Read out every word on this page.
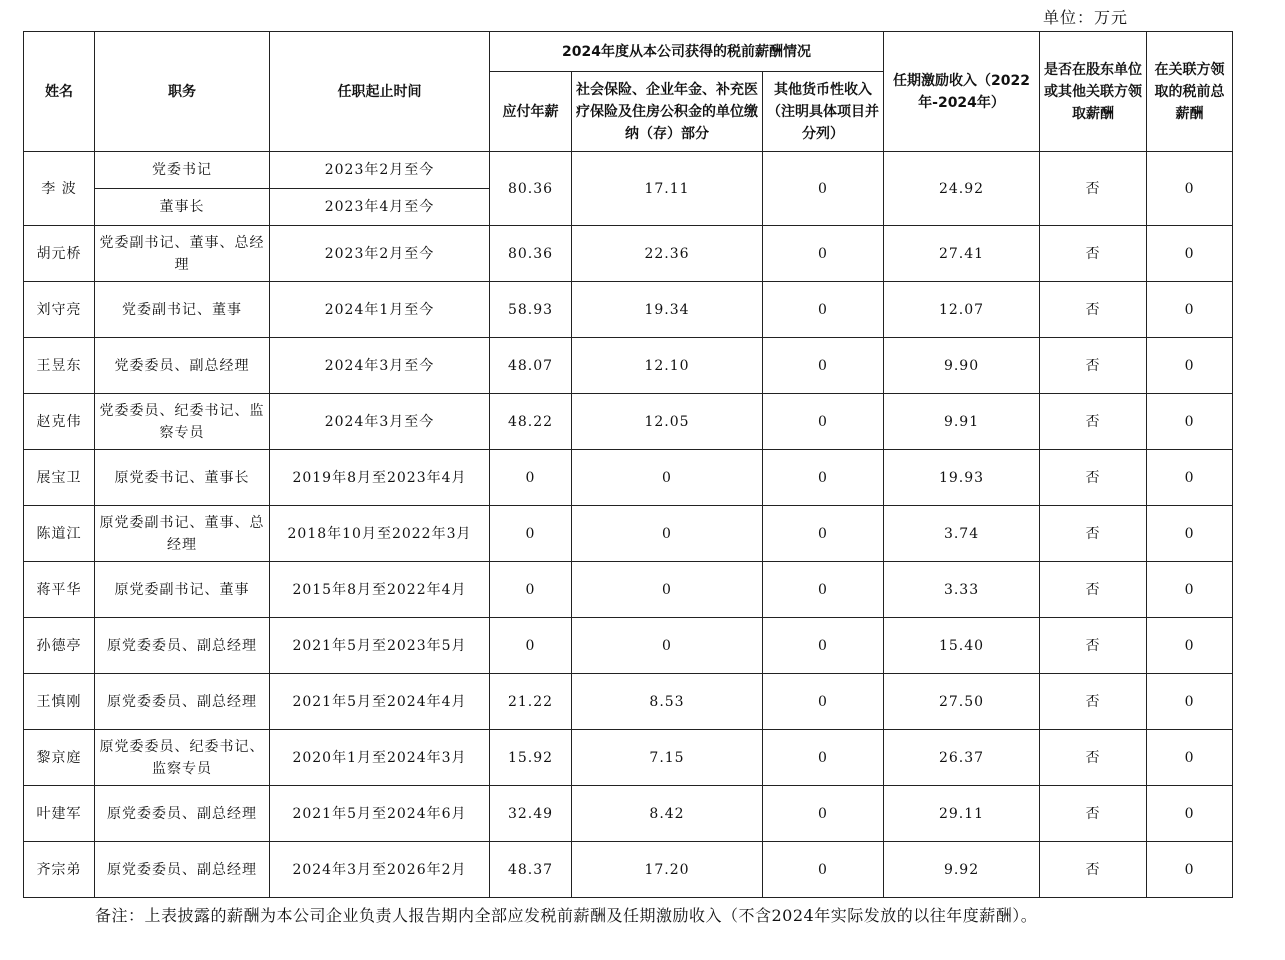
单位：万元
姓名	职务	任职起止时间	2024年度从本公司获得的税前薪酬情况			任期激励收入（2022年-2024年）	是否在股东单位或其他关联方领取薪酬	在关联方领取的税前总薪酬
			应付年薪	社会保险、企业年金、补充医疗保险及住房公积金的单位缴纳（存）部分	其他货币性收入（注明具体项目并分列）			
李 波	党委书记	2023年2月至今	80.36	17.11	0	24.92	否	0
	董事长	2023年4月至今						
胡元桥	党委副书记、董事、总经理	2023年2月至今	80.36	22.36	0	27.41	否	0
刘守亮	党委副书记、董事	2024年1月至今	58.93	19.34	0	12.07	否	0
王昱东	党委委员、副总经理	2024年3月至今	48.07	12.10	0	9.90	否	0
赵克伟	党委委员、纪委书记、监察专员	2024年3月至今	48.22	12.05	0	9.91	否	0
展宝卫	原党委书记、董事长	2019年8月至2023年4月	0	0	0	19.93	否	0
陈道江	原党委副书记、董事、总经理	2018年10月至2022年3月	0	0	0	3.74	否	0
蒋平华	原党委副书记、董事	2015年8月至2022年4月	0	0	0	3.33	否	0
孙德亭	原党委委员、副总经理	2021年5月至2023年5月	0	0	0	15.40	否	0
王慎刚	原党委委员、副总经理	2021年5月至2024年4月	21.22	8.53	0	27.50	否	0
黎京庭	原党委委员、纪委书记、监察专员	2020年1月至2024年3月	15.92	7.15	0	26.37	否	0
叶建军	原党委委员、副总经理	2021年5月至2024年6月	32.49	8.42	0	29.11	否	0
齐宗弟	原党委委员、副总经理	2024年3月至2026年2月	48.37	17.20	0	9.92	否	0
备注：上表披露的薪酬为本公司企业负责人报告期内全部应发税前薪酬及任期激励收入（不含2024年实际发放的以往年度薪酬）。
